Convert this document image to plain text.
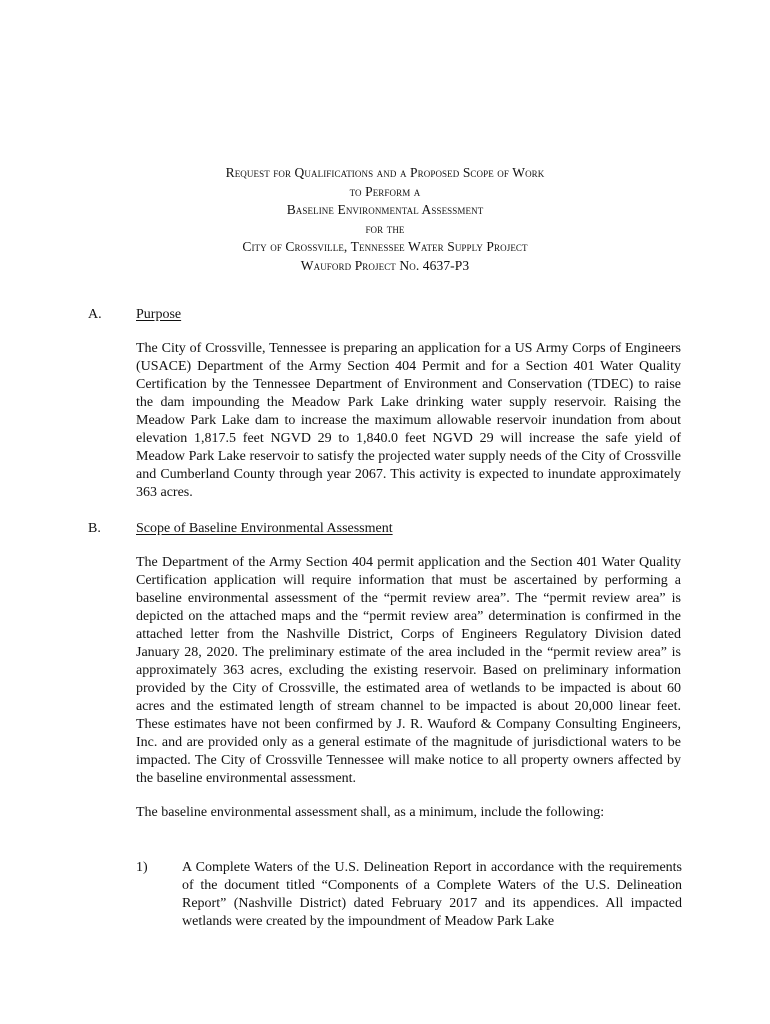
Request for Qualifications and a Proposed Scope of Work
to Perform a
Baseline Environmental Assessment
for the
City of Crossville, Tennessee Water Supply Project
Wauford Project No. 4637-P3
A. Purpose

The City of Crossville, Tennessee is preparing an application for a US Army Corps of Engineers (USACE) Department of the Army Section 404 Permit and for a Section 401 Water Quality Certification by the Tennessee Department of Environment and Conservation (TDEC) to raise the dam impounding the Meadow Park Lake drinking water supply reservoir. Raising the Meadow Park Lake dam to increase the maximum allowable reservoir inundation from about elevation 1,817.5 feet NGVD 29 to 1,840.0 feet NGVD 29 will increase the safe yield of Meadow Park Lake reservoir to satisfy the projected water supply needs of the City of Crossville and Cumberland County through year 2067. This activity is expected to inundate approximately 363 acres.

B.	Scope of Baseline Environmental Assessment

The Department of the Army Section 404 permit application and the Section 401 Water Quality Certification application will require information that must be ascertained by performing a baseline environmental assessment of the “permit review area”. The “permit review area” is depicted on the attached maps and the “permit review area” determination is confirmed in the attached letter from the Nashville District, Corps of Engineers Regulatory Division dated January 28, 2020. The preliminary estimate of the area included in the “permit review area” is approximately 363 acres, excluding the existing reservoir. Based on preliminary information provided by the City of Crossville, the estimated area of wetlands to be impacted is about 60 acres and the estimated length of stream channel to be impacted is about 20,000 linear feet. These estimates have not been confirmed by J. R. Wauford & Company Consulting Engineers, Inc. and are provided only as a general estimate of the magnitude of jurisdictional waters to be impacted. The City of Crossville Tennessee will make notice to all property owners affected by the baseline environmental assessment.

The baseline environmental assessment shall, as a minimum, include the following:

1) A Complete Waters of the U.S. Delineation Report in accordance with the requirements of the document titled “Components of a Complete Waters of the U.S. Delineation Report” (Nashville District) dated February 2017 and its appendices. All impacted wetlands were created by the impoundment of Meadow Park Lake
